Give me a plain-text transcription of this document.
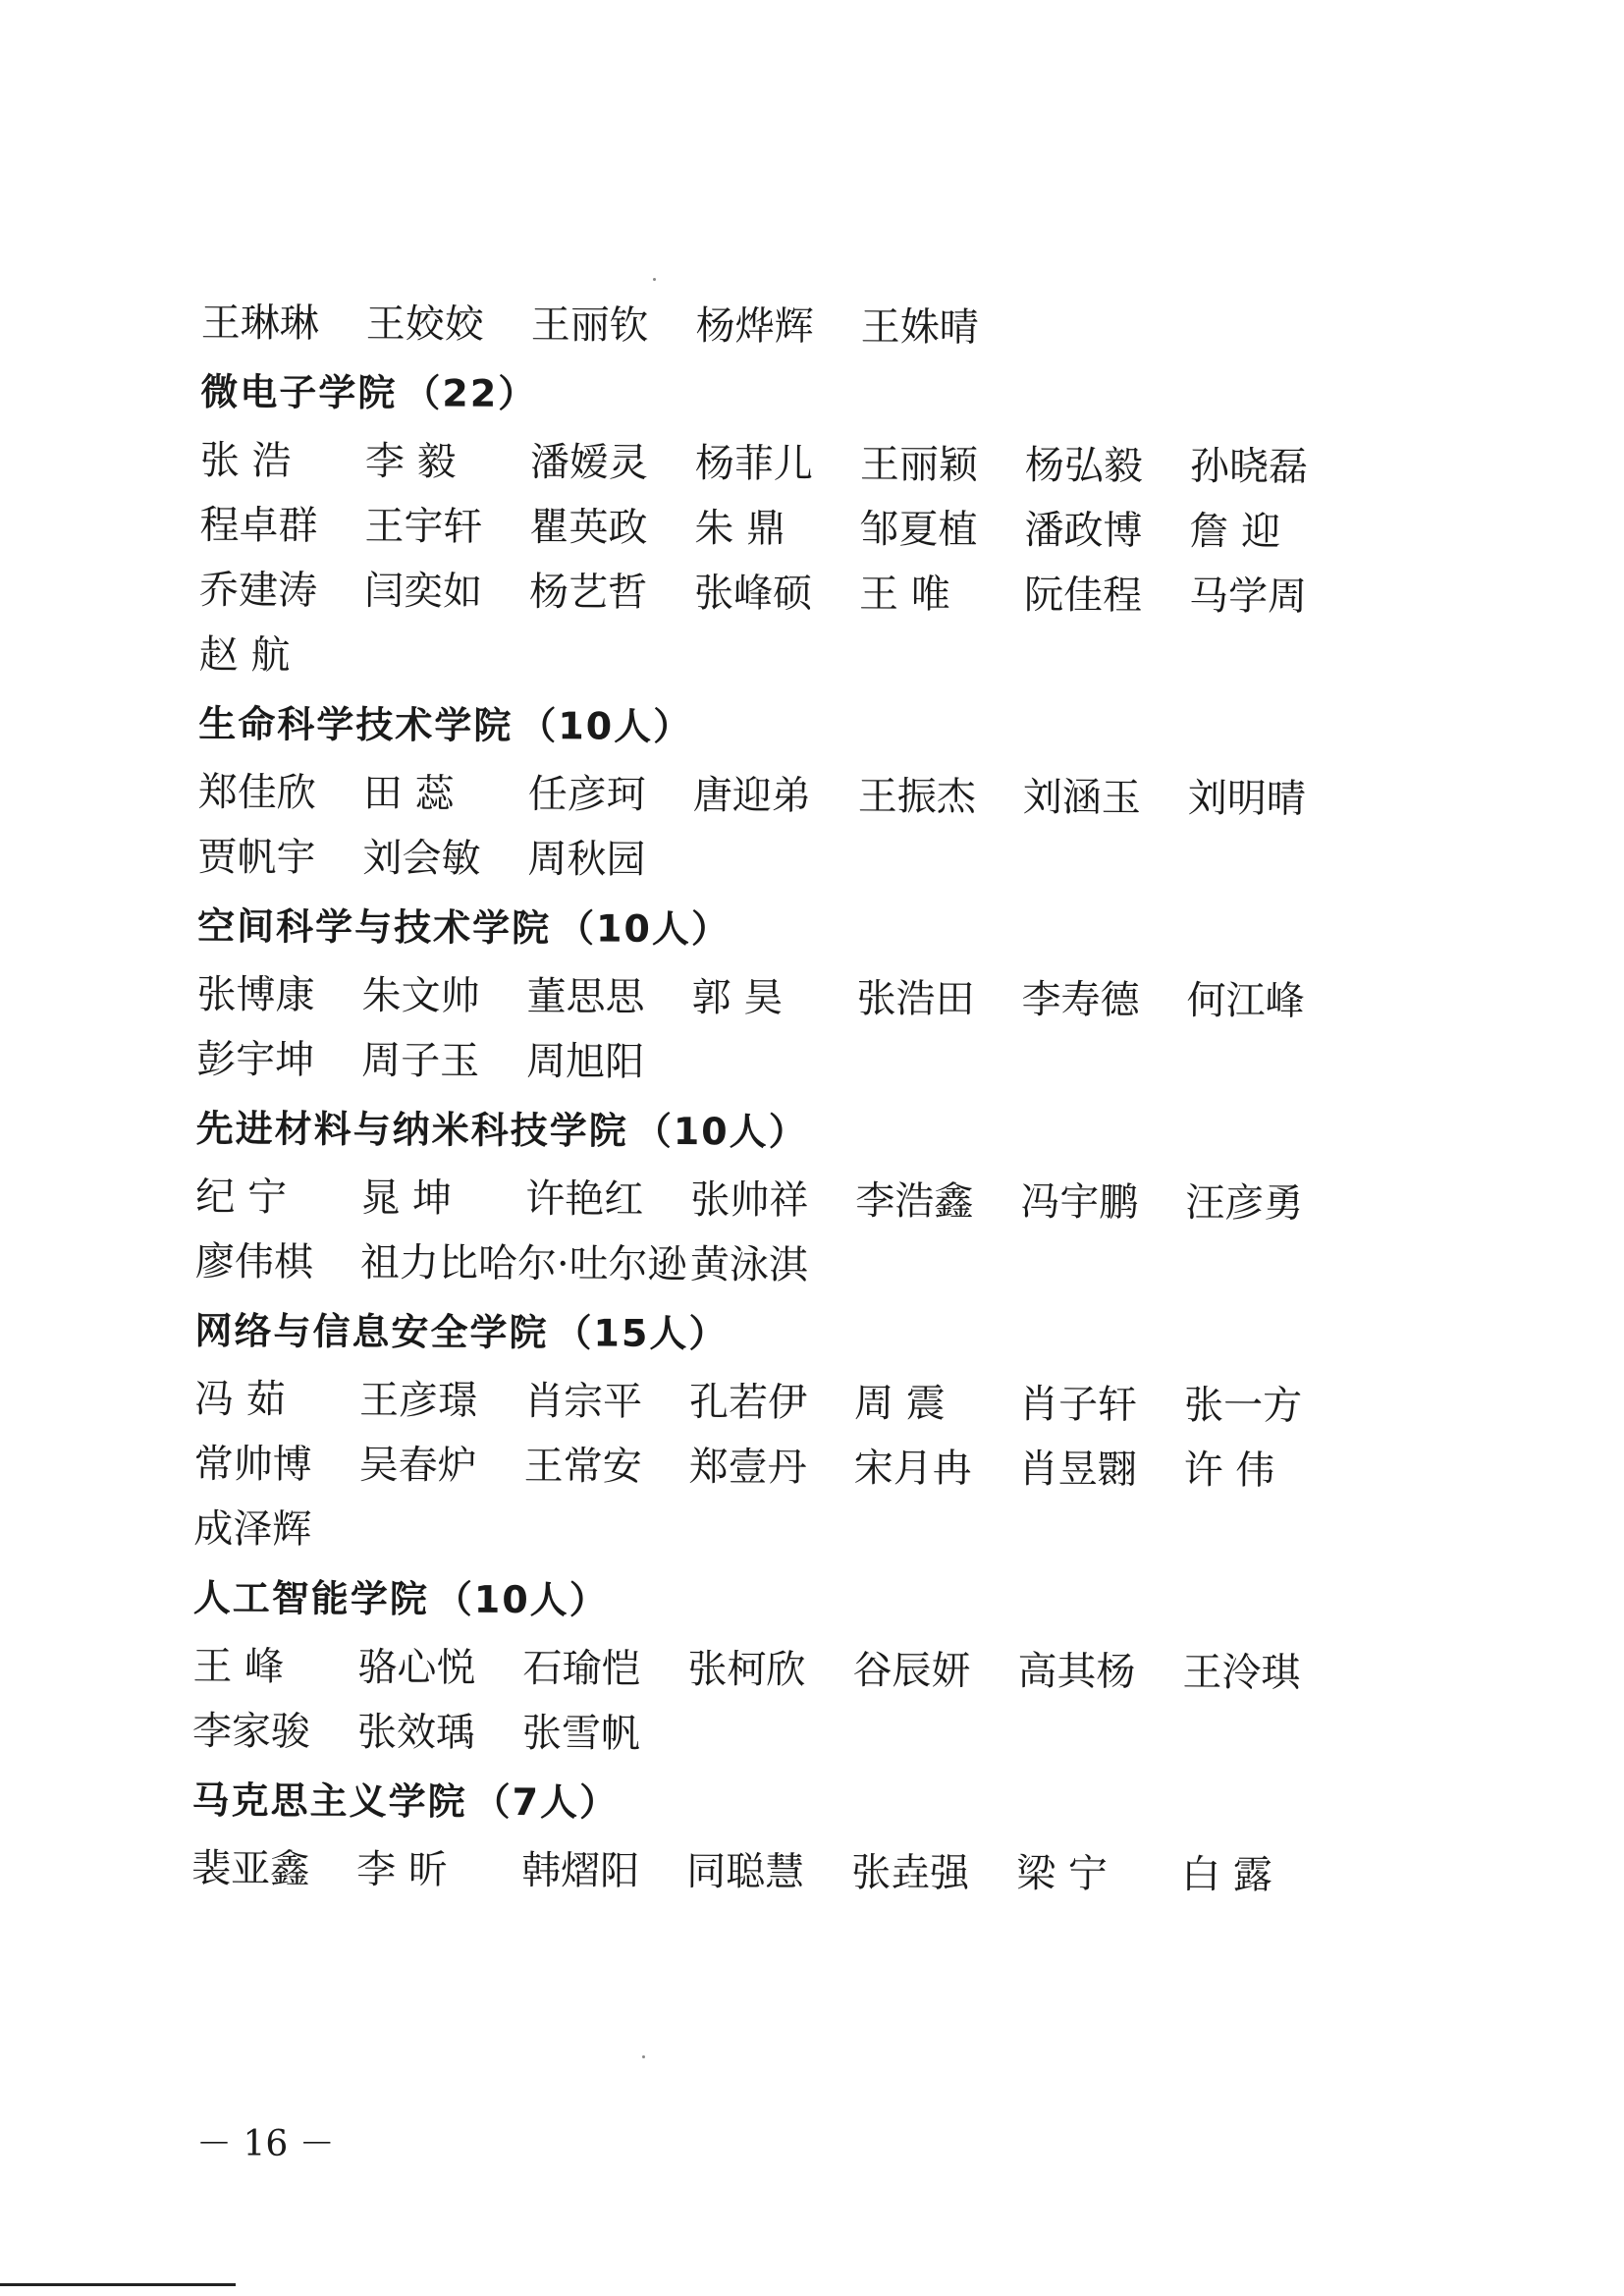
王琳琳	王姣姣	王丽钦	杨烨辉	王姝晴
微电子学院 （22）
张 浩	李 毅	潘嫒灵	杨菲儿	王丽颖	杨弘毅	孙晓磊
程卓群	王宇轩	瞿英政	朱 鼎	邹夏植	潘政博	詹 迎
乔建涛	闫奕如	杨艺哲	张峰硕	王 唯	阮佳程	马学周
赵 航
生命科学技术学院 （10人）
郑佳欣	田 蕊	任彦珂	唐迎弟	王振杰	刘涵玉	刘明晴
贾帆宇	刘会敏	周秋园
空间科学与技术学院 （10人）
张博康	朱文帅	董思思	郭 昊	张浩田	李寿德	何江峰
彭宇坤	周子玉	周旭阳
先进材料与纳米科技学院 （10人）
纪 宁	晁 坤	许艳红	张帅祥	李浩鑫	冯宇鹏	汪彦勇
廖伟棋	祖力比哈尔·吐尔逊 黄泳淇
网络与信息安全学院 （15人）
冯 茹	王彦璟	肖宗平	孔若伊	周 震	肖子轩	张一方
常帅博	吴春炉	王常安	郑壹丹	宋月冉	肖昱翾	许 伟
成泽辉
人工智能学院 （10人）
王 峰	骆心悦	石瑜恺	张柯欣	谷辰妍	高其杨	王泠琪
李家骏	张效瑀	张雪帆
马克思主义学院 （7人）
裴亚鑫	李 昕	韩熠阳	同聪慧	张垚强	梁 宁	白 露
－ 16 －
